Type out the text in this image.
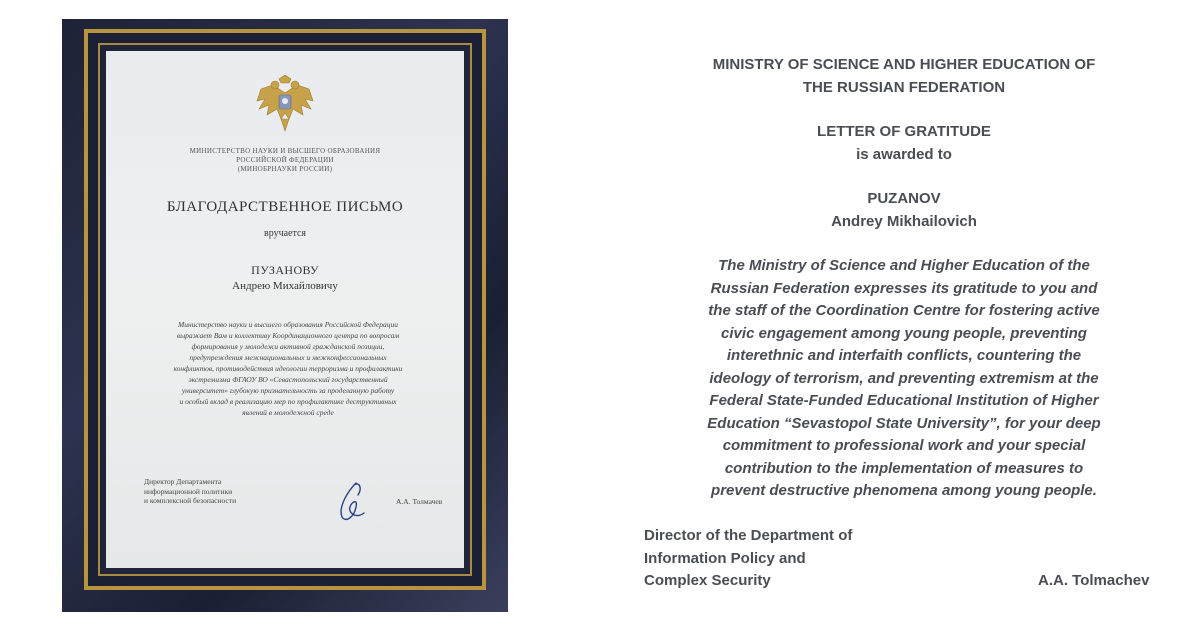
МИНИСТЕРСТВО НАУКИ И ВЫСШЕГО ОБРАЗОВАНИЯ
РОССИЙСКОЙ ФЕДЕРАЦИИ
(МИНОБРНАУКИ РОССИИ)
БЛАГОДАРСТВЕННОЕ ПИСЬМО
вручается
ПУЗАНОВУ
Андрею Михайловичу
Министерство науки и высшего образования Российской Федерации
выражает Вам и коллективу Координационного центра по вопросам
формирования у молодежи активной гражданской позиции,
предупреждения межнациональных и межконфессиональных
конфликтов, противодействия идеологии терроризма и профилактики
экстремизма ФГАОУ ВО «Севастопольский государственный
университет» глубокую признательность за проделанную работу
и особый вклад в реализацию мер по профилактике деструктивных
явлений в молодежной среде
Директор Департамента
информационной политики
и комплексной безопасности	А.А. Толмачев
MINISTRY OF SCIENCE AND HIGHER EDUCATION OF
THE RUSSIAN FEDERATION
LETTER OF GRATITUDE
is awarded to
PUZANOV
Andrey Mikhailovich
The Ministry of Science and Higher Education of the
Russian Federation expresses its gratitude to you and
the staff of the Coordination Centre for fostering active
civic engagement among young people, preventing
interethnic and interfaith conflicts, countering the
ideology of terrorism, and preventing extremism at the
Federal State-Funded Educational Institution of Higher
Education “Sevastopol State University”, for your deep
commitment to professional work and your special
contribution to the implementation of measures to
prevent destructive phenomena among young people.
Director of the Department of
Information Policy and
Complex Security	A.A. Tolmachev
